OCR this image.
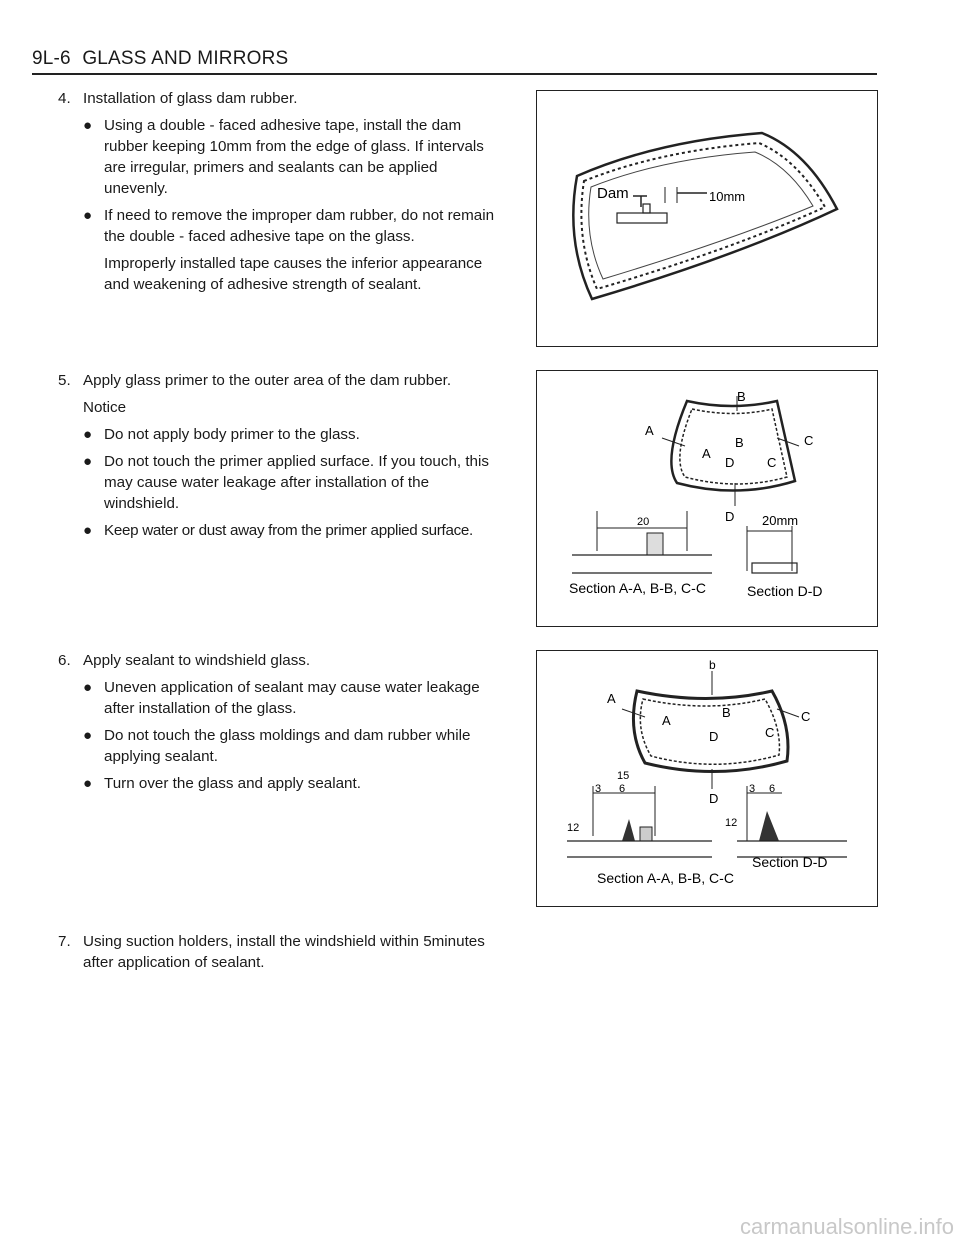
9L-6 GLASS AND MIRRORS
4. Installation of glass dam rubber.
● Using a double - faced adhesive tape, install the dam rubber keeping 10mm from the edge of glass. If intervals are irregular, primers and sealants can be applied unevenly.
● If need to remove the improper dam rubber, do not remain the double - faced adhesive tape on the glass.
Improperly installed tape causes the inferior appearance and weakening of adhesive strength of sealant.
5. Apply glass primer to the outer area of the dam rubber.
Notice
● Do not apply body primer to the glass.
● Do not touch the primer applied surface. If you touch, this may cause water leakage after installation of the windshield.
● Keep water or dust away from the primer applied surface.
6. Apply sealant to windshield glass.
● Uneven application of sealant may cause water leakage after installation of the glass.
● Do not touch the glass moldings and dam rubber while applying sealant.
● Turn over the glass and apply sealant.
7. Using suction holders, install the windshield within 5minutes after application of sealant.
Dam	10mm
B
A
A
B
D	C
C
D
20
Section A-A, B-B, C-C
20mm
Section D-D
b
A
A
B
D	C
C
D
15
3 6
12
Section A-A, B-B, C-C
3 6
12
Section D-D
carmanualsonline.info
